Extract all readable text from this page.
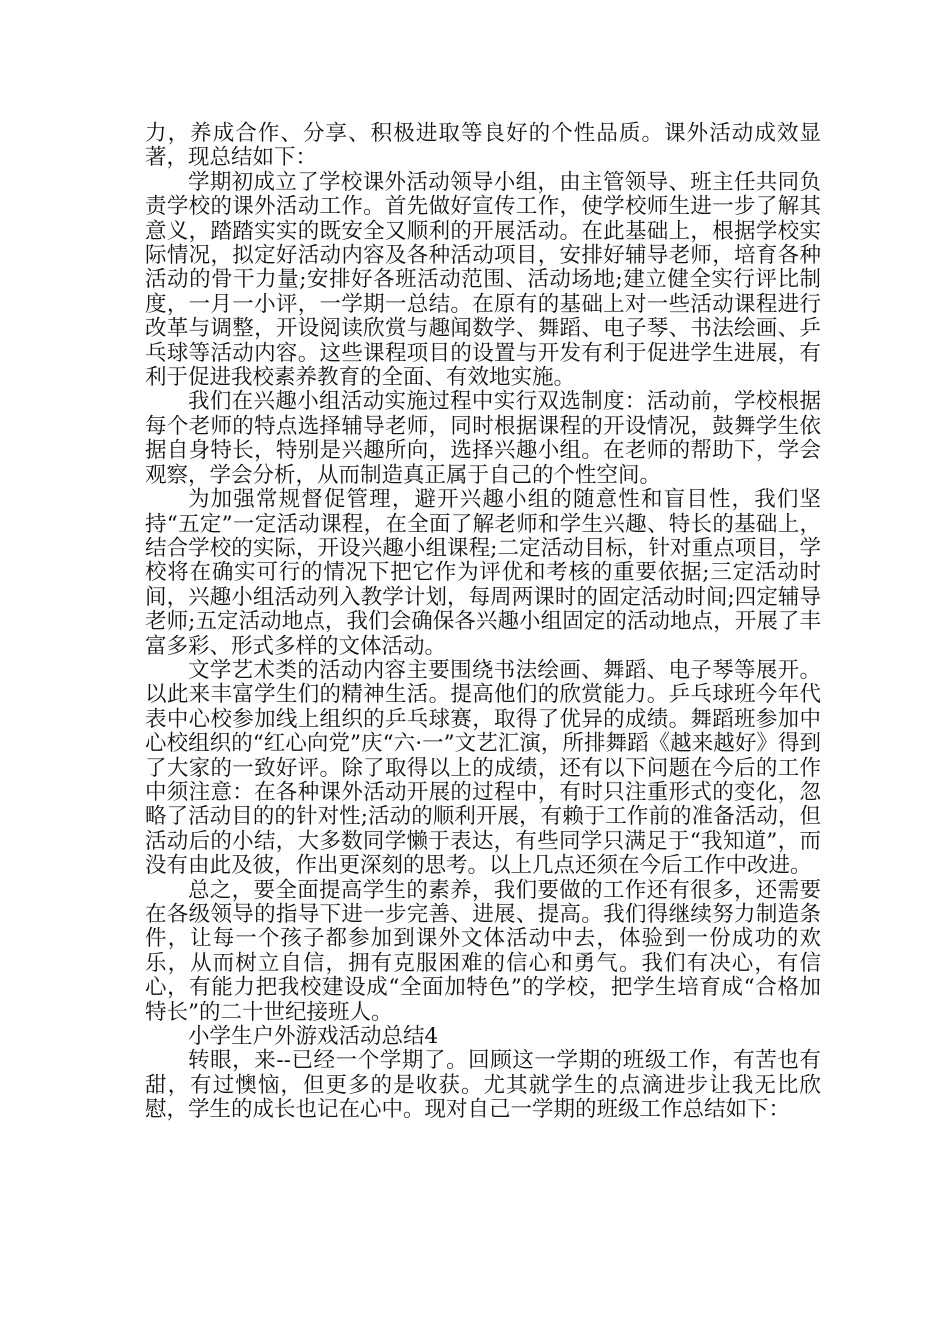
力，养成合作、分享、积极进取等良好的个性品质。课外活动成效显著，现总结如下：

学期初成立了学校课外活动领导小组，由主管领导、班主任共同负责学校的课外活动工作。首先做好宣传工作，使学校师生进一步了解其意义，踏踏实实的既安全又顺利的开展活动。在此基础上，根据学校实际情况，拟定好活动内容及各种活动项目，安排好辅导老师，培育各种活动的骨干力量;安排好各班活动范围、活动场地;建立健全实行评比制度，一月一小评，一学期一总结。在原有的基础上对一些活动课程进行改革与调整，开设阅读欣赏与趣闻数学、舞蹈、电子琴、书法绘画、乒乓球等活动内容。这些课程项目的设置与开发有利于促进学生进展，有利于促进我校素养教育的全面、有效地实施。

我们在兴趣小组活动实施过程中实行双选制度：活动前，学校根据每个老师的特点选择辅导老师，同时根据课程的开设情况，鼓舞学生依据自身特长，特别是兴趣所向，选择兴趣小组。在老师的帮助下，学会观察，学会分析，从而制造真正属于自己的个性空间。

为加强常规督促管理，避开兴趣小组的随意性和盲目性，我们坚持“五定”一定活动课程，在全面了解老师和学生兴趣、特长的基础上，结合学校的实际，开设兴趣小组课程;二定活动目标，针对重点项目，学校将在确实可行的情况下把它作为评优和考核的重要依据;三定活动时间，兴趣小组活动列入教学计划，每周两课时的固定活动时间;四定辅导老师;五定活动地点，我们会确保各兴趣小组固定的活动地点，开展了丰富多彩、形式多样的文体活动。

文学艺术类的活动内容主要围绕书法绘画、舞蹈、电子琴等展开。以此来丰富学生们的精神生活。提高他们的欣赏能力。乒乓球班今年代表中心校参加线上组织的乒乓球赛，取得了优异的成绩。舞蹈班参加中心校组织的“红心向党”庆“六·一”文艺汇演，所排舞蹈《越来越好》得到了大家的一致好评。除了取得以上的成绩，还有以下问题在今后的工作中须注意：在各种课外活动开展的过程中，有时只注重形式的变化，忽略了活动目的的针对性;活动的顺利开展，有赖于工作前的准备活动，但活动后的小结，大多数同学懒于表达，有些同学只满足于“我知道”，而没有由此及彼，作出更深刻的思考。以上几点还须在今后工作中改进。

总之，要全面提高学生的素养，我们要做的工作还有很多，还需要在各级领导的指导下进一步完善、进展、提高。我们得继续努力制造条件，让每一个孩子都参加到课外文体活动中去，体验到一份成功的欢乐，从而树立自信，拥有克服困难的信心和勇气。我们有决心，有信心，有能力把我校建设成“全面加特色”的学校，把学生培育成“合格加特长”的二十世纪接班人。

小学生户外游戏活动总结4

转眼，来--已经一个学期了。回顾这一学期的班级工作，有苦也有甜，有过懊恼，但更多的是收获。尤其就学生的点滴进步让我无比欣慰，学生的成长也记在心中。现对自己一学期的班级工作总结如下：
